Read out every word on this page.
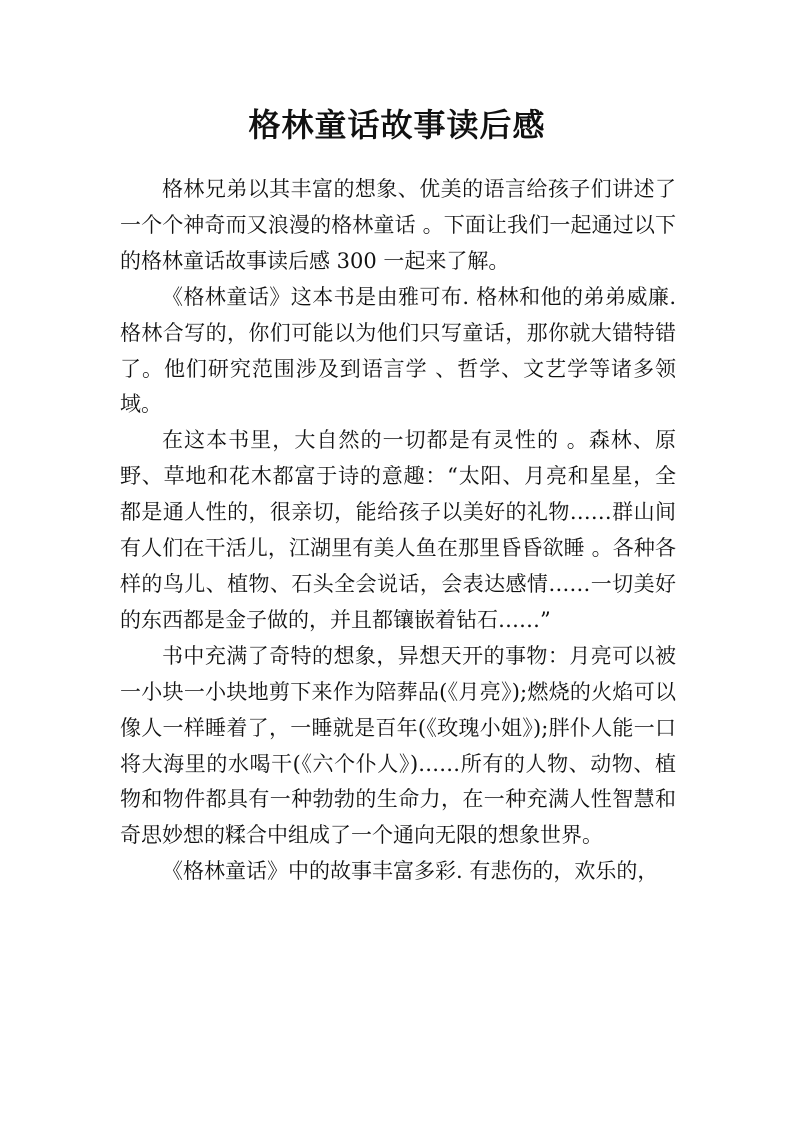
格林童话故事读后感

格林兄弟以其丰富的想象、优美的语言给孩子们讲述了一个个神奇而又浪漫的格林童话 。下面让我们一起通过以下的格林童话故事读后感 300 一起来了解。

《格林童话》这本书是由雅可布. 格林和他的弟弟威廉. 格林合写的，你们可能以为他们只写童话，那你就大错特错了。他们研究范围涉及到语言学 、哲学、文艺学等诸多领域。

在这本书里，大自然的一切都是有灵性的 。森林、原野、草地和花木都富于诗的意趣：“太阳、月亮和星星，全都是通人性的，很亲切，能给孩子以美好的礼物……群山间有人们在干活儿，江湖里有美人鱼在那里昏昏欲睡 。各种各样的鸟儿、植物、石头全会说话，会表达感情……一切美好的东西都是金子做的，并且都镶嵌着钻石……”

书中充满了奇特的想象，异想天开的事物：月亮可以被一小块一小块地剪下来作为陪葬品(《月亮》);燃烧的火焰可以像人一样睡着了，一睡就是百年(《玫瑰小姐》);胖仆人能一口将大海里的水喝干(《六个仆人》)……所有的人物、动物、植物和物件都具有一种勃勃的生命力，在一种充满人性智慧和奇思妙想的糅合中组成了一个通向无限的想象世界。

《格林童话》中的故事丰富多彩. 有悲伤的，欢乐的，
